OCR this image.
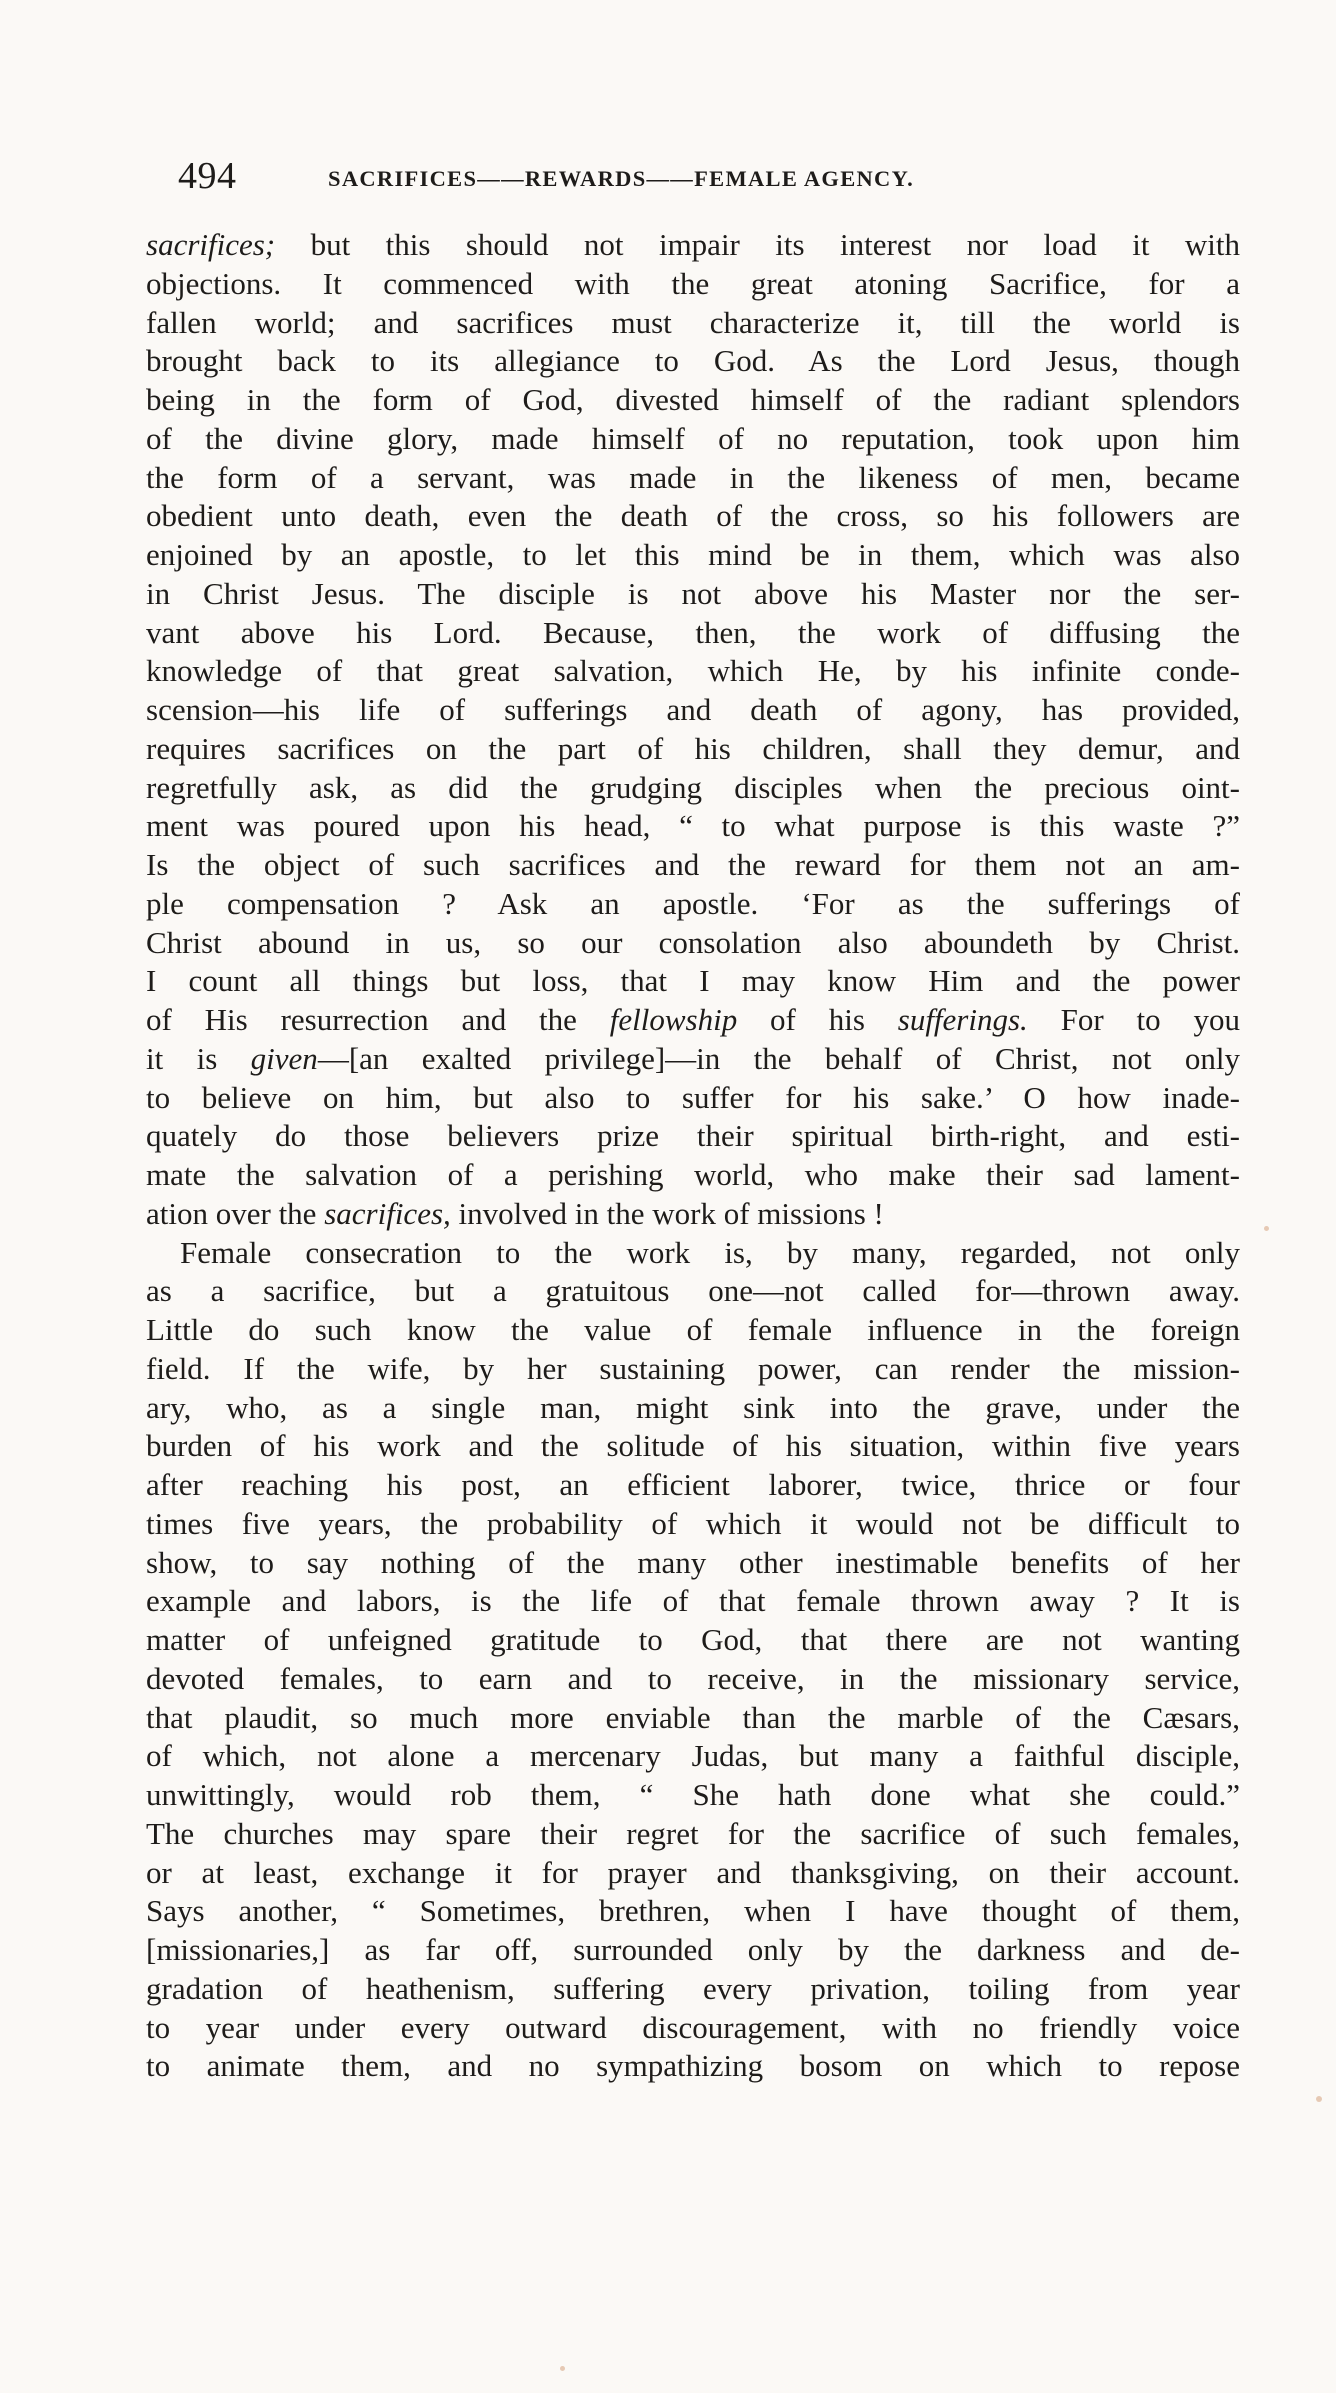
494	SACRIFICES——REWARDS——FEMALE AGENCY.
sacrifices; but this should not impair its interest nor load it with
objections. It commenced with the great atoning Sacrifice, for a
fallen world; and sacrifices must characterize it, till the world is
brought back to its allegiance to God. As the Lord Jesus, though
being in the form of God, divested himself of the radiant splendors
of the divine glory, made himself of no reputation, took upon him
the form of a servant, was made in the likeness of men, became
obedient unto death, even the death of the cross, so his followers are
enjoined by an apostle, to let this mind be in them, which was also
in Christ Jesus. The disciple is not above his Master nor the ser-
vant above his Lord. Because, then, the work of diffusing the
knowledge of that great salvation, which He, by his infinite conde-
scension—his life of sufferings and death of agony, has provided,
requires sacrifices on the part of his children, shall they demur, and
regretfully ask, as did the grudging disciples when the precious oint-
ment was poured upon his head, “ to what purpose is this waste ?”
Is the object of such sacrifices and the reward for them not an am-
ple compensation ? Ask an apostle. ‘For as the sufferings of
Christ abound in us, so our consolation also aboundeth by Christ.
I count all things but loss, that I may know Him and the power
of His resurrection and the fellowship of his sufferings. For to you
it is given—[an exalted privilege]—in the behalf of Christ, not only
to believe on him, but also to suffer for his sake.’ O how inade-
quately do those believers prize their spiritual birth-right, and esti-
mate the salvation of a perishing world, who make their sad lament-
ation over the sacrifices, involved in the work of missions !
Female consecration to the work is, by many, regarded, not only
as a sacrifice, but a gratuitous one—not called for—thrown away.
Little do such know the value of female influence in the foreign
field. If the wife, by her sustaining power, can render the mission-
ary, who, as a single man, might sink into the grave, under the
burden of his work and the solitude of his situation, within five years
after reaching his post, an efficient laborer, twice, thrice or four
times five years, the probability of which it would not be difficult to
show, to say nothing of the many other inestimable benefits of her
example and labors, is the life of that female thrown away ? It is
matter of unfeigned gratitude to God, that there are not wanting
devoted females, to earn and to receive, in the missionary service,
that plaudit, so much more enviable than the marble of the Cæsars,
of which, not alone a mercenary Judas, but many a faithful disciple,
unwittingly, would rob them, “ She hath done what she could.”
The churches may spare their regret for the sacrifice of such females,
or at least, exchange it for prayer and thanksgiving, on their account.
Says another, “ Sometimes, brethren, when I have thought of them,
[missionaries,] as far off, surrounded only by the darkness and de-
gradation of heathenism, suffering every privation, toiling from year
to year under every outward discouragement, with no friendly voice
to animate them, and no sympathizing bosom on which to repose
